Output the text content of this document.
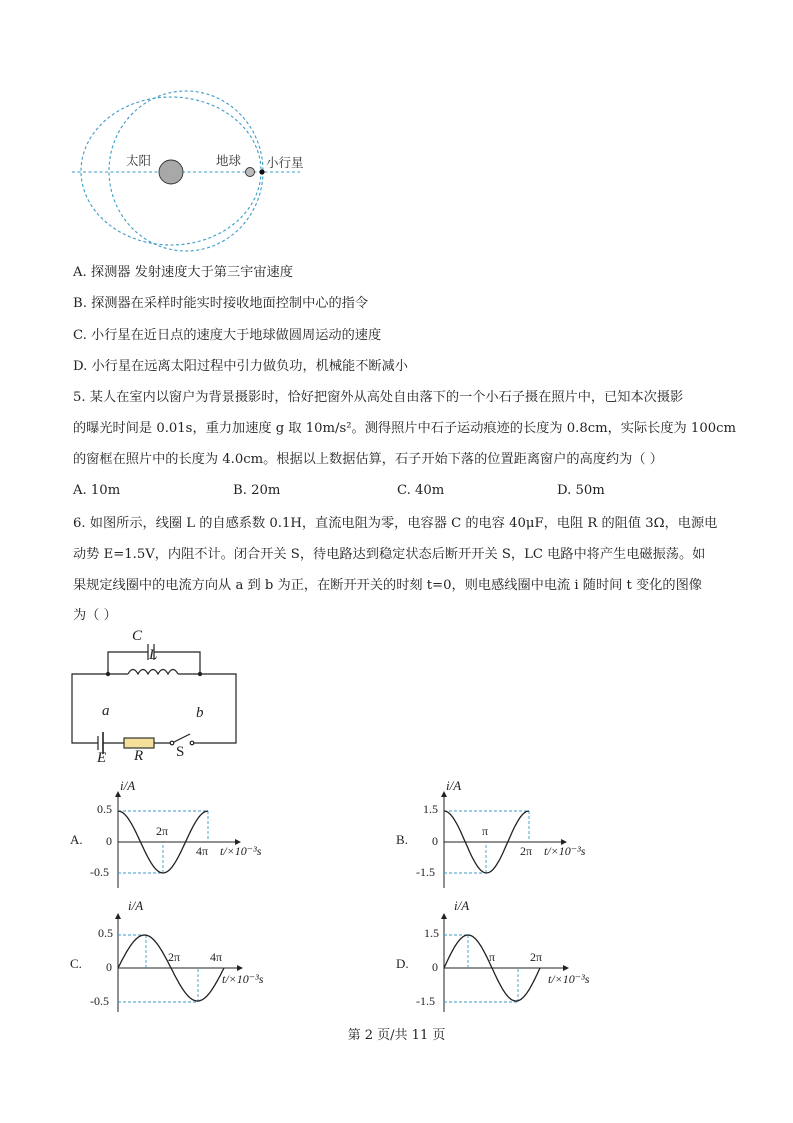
太阳	地球 小行星
A. 探测器 发射速度大于第三宇宙速度
B. 探测器在采样时能实时接收地面控制中心的指令
C. 小行星在近日点的速度大于地球做圆周运动的速度
D. 小行星在远离太阳过程中引力做负功，机械能不断减小
5. 某人在室内以窗户为背景摄影时，恰好把窗外从高处自由落下的一个小石子摄在照片中，已知本次摄影
的曝光时间是 0.01s，重力加速度 g 取 10m/s²。测得照片中石子运动痕迹的长度为 0.8cm，实际长度为 100cm
的窗框在照片中的长度为 4.0cm。根据以上数据估算，石子开始下落的位置距离窗户的高度约为（ ）
A. 10m	B. 20m	C. 40m	D. 50m
6. 如图所示，线圈 L 的自感系数 0.1H，直流电阻为零，电容器 C 的电容 40μF，电阻 R 的阻值 3Ω，电源电
动势 E=1.5V，内阻不计。闭合开关 S，待电路达到稳定状态后断开开关 S，LC 电路中将产生电磁振荡。如
果规定线圈中的电流方向从 a 到 b 为正，在断开开关的时刻 t=0，则电感线圈中电流 i 随时间 t 变化的图像
为（ ）
C
L
a	b
E R S
A.
i/A
0.5
0
-0.5
2π
4π t/×10⁻³s
B.
i/A
1.5
0
-1.5
π
2π t/×10⁻³s
C.
i/A
0.5
0
-0.5
2π 4π
t/×10⁻³s
D.
i/A
1.5
0
-1.5
π	2π
t/×10⁻³s
第 2 页/共 11 页
